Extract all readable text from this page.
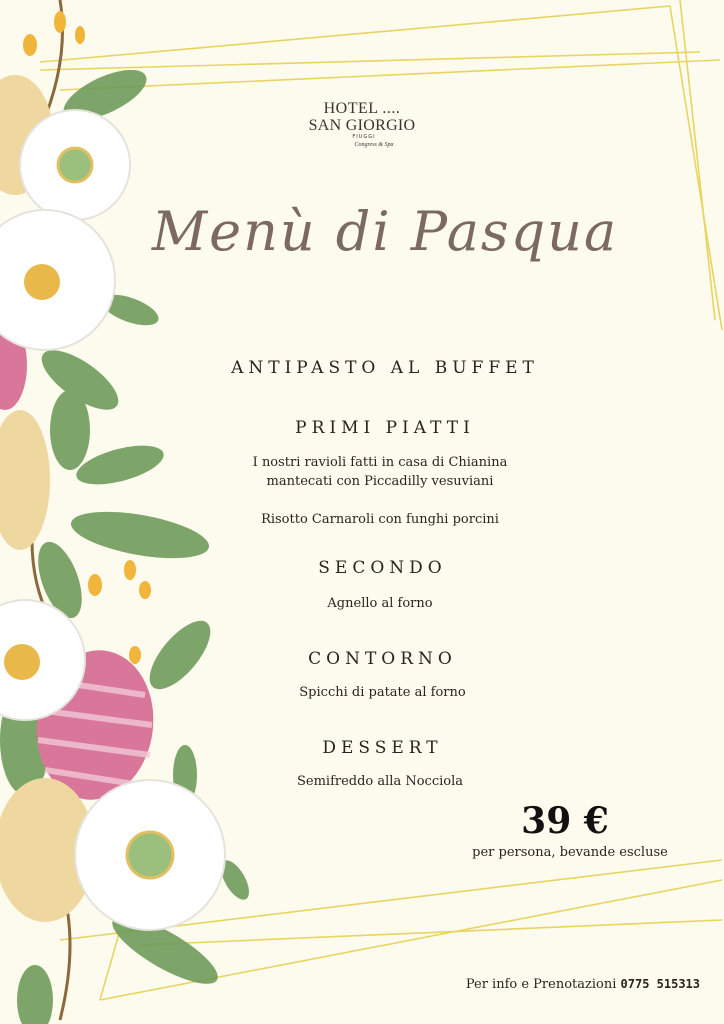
HOTEL ....
SAN GIORGIO
FIUGGI
Congress & Spa
Menù di Pasqua
ANTIPASTO AL BUFFET
PRIMI PIATTI
I nostri ravioli fatti in casa di Chianina
mantecati con Piccadilly vesuviani
Risotto Carnaroli con funghi porcini
SECONDO
Agnello al forno
CONTORNO
Spicchi di patate al forno
DESSERT
Semifreddo alla Nocciola
39 €
per persona, bevande escluse
Per info e Prenotazioni 0775 515313
